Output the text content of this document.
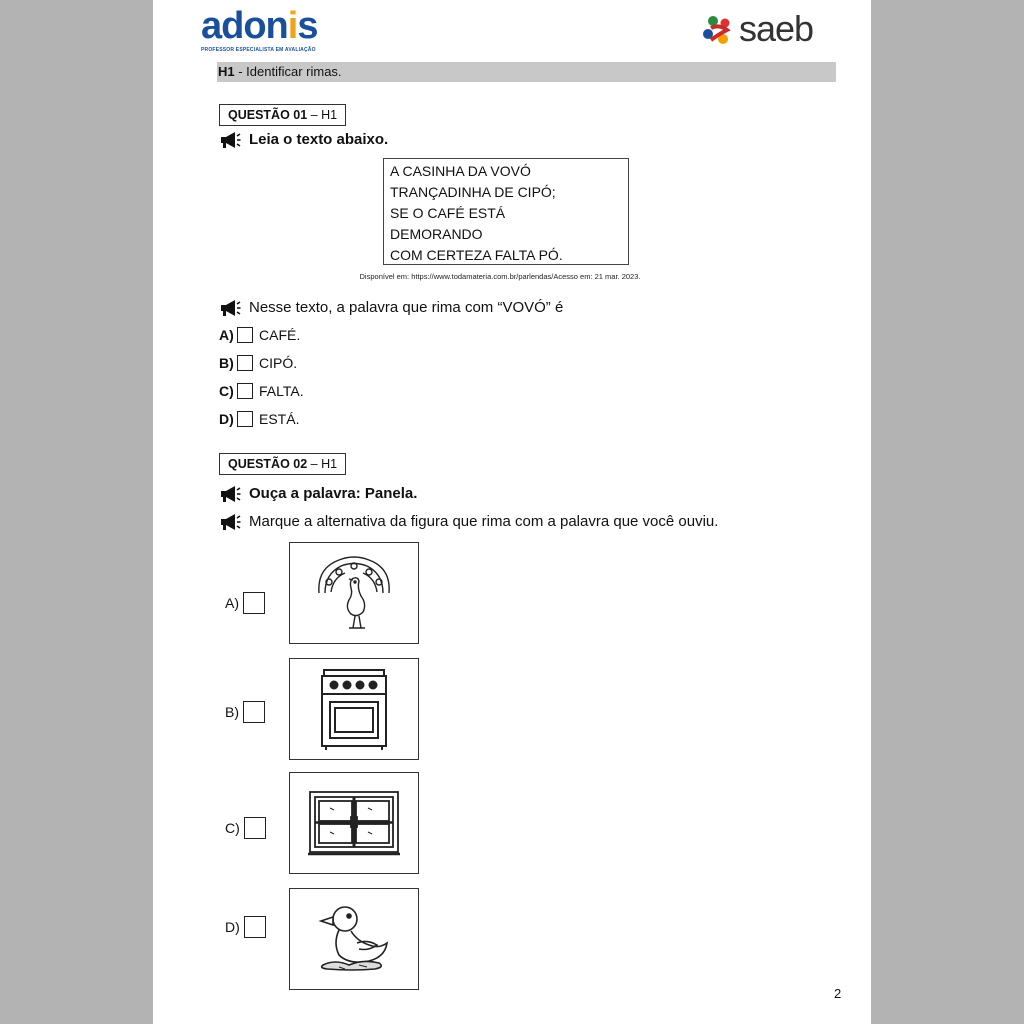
adonis
PROFESSOR ESPECIALISTA EM AVALIAÇÃO
saeb
H1 - Identificar rimas.
QUESTÃO 01 – H1
Leia o texto abaixo.
A CASINHA DA VOVÓ
TRANÇADINHA DE CIPÓ;
SE O CAFÉ ESTÁ
DEMORANDO
COM CERTEZA FALTA PÓ.
Disponível em: https://www.todamateria.com.br/parlendas/Acesso em: 21 mar. 2023.
Nesse texto, a palavra que rima com “VOVÓ” é
A) CAFÉ.
B) CIPÓ.
C) FALTA.
D) ESTÁ.
QUESTÃO 02 – H1
Ouça a palavra: Panela.
Marque a alternativa da figura que rima com a palavra que você ouviu.
A)
B)
C)
D)
2
